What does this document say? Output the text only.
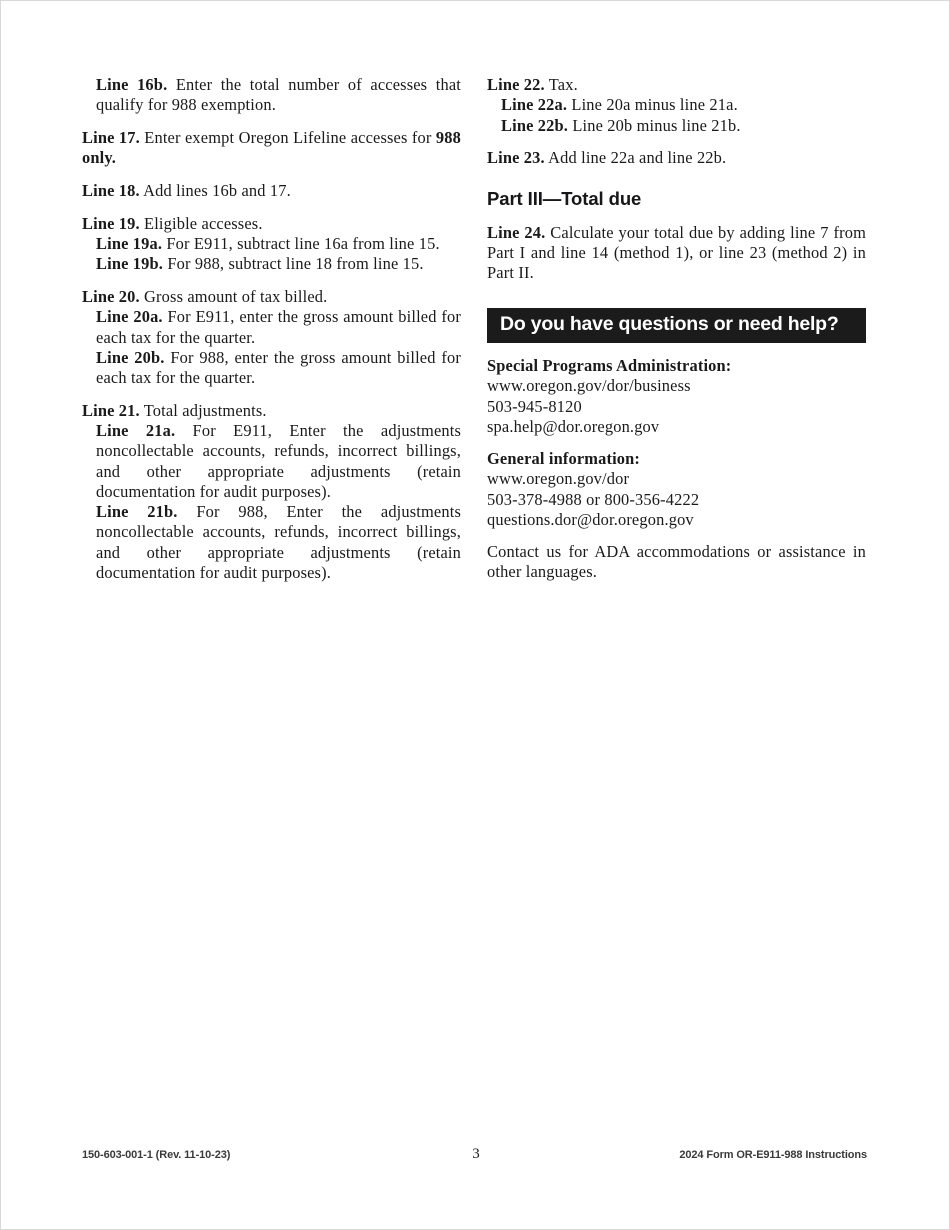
Line 16b. Enter the total number of accesses that qualify for 988 exemption.

Line 17. Enter exempt Oregon Lifeline accesses for 988 only.

Line 18. Add lines 16b and 17.

Line 19. Eligible accesses.

Line 19a. For E911, subtract line 16a from line 15.

Line 19b. For 988, subtract line 18 from line 15.

Line 20. Gross amount of tax billed.

Line 20a. For E911, enter the gross amount billed for each tax for the quarter.

Line 20b. For 988, enter the gross amount billed for each tax for the quarter.

Line 21. Total adjustments.

Line 21a. For E911, Enter the adjustments noncollectable accounts, refunds, incorrect billings, and other appropriate adjustments (retain documentation for audit purposes).

Line 21b. For 988, Enter the adjustments noncollectable accounts, refunds, incorrect billings, and other appropriate adjustments (retain documentation for audit purposes).

Line 22. Tax.

Line 22a. Line 20a minus line 21a.

Line 22b. Line 20b minus line 21b.

Line 23. Add line 22a and line 22b.

Part III—Total due

Line 24. Calculate your total due by adding line 7 from Part I and line 14 (method 1), or line 23 (method 2) in Part II.

Do you have questions or need help?
Special Programs Administration:
www.oregon.gov/dor/business
503-945-8120
spa.help@dor.oregon.gov
General information:
www.oregon.gov/dor
503-378-4988 or 800-356-4222
questions.dor@dor.oregon.gov

Contact us for ADA accommodations or assistance in other languages.

150-603-001-1 (Rev. 11-10-23)	3	2024 Form OR-E911-988 Instructions
